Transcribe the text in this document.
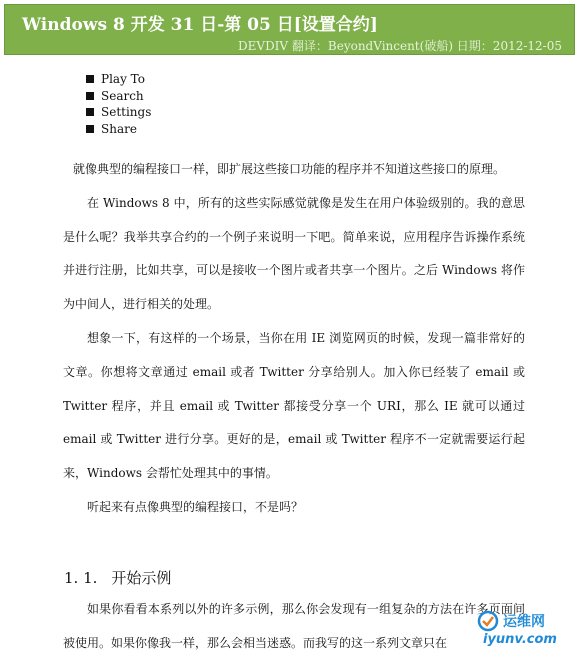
Windows 8 开发 31 日-第 05 日[设置合约]
DEVDIV 翻译：BeyondVincent(破船) 日期：2012-12-05
Play To
Search
Settings
Share

就像典型的编程接口一样，即扩展这些接口功能的程序并不知道这些接口的原理。

在 Windows 8 中，所有的这些实际感觉就像是发生在用户体验级别的。我的意思是什么呢？我举共享合约的一个例子来说明一下吧。简单来说，应用程序告诉操作系统并进行注册，比如共享，可以是接收一个图片或者共享一个图片。之后 Windows 将作为中间人，进行相关的处理。

想象一下，有这样的一个场景，当你在用 IE 浏览网页的时候，发现一篇非常好的文章。你想将文章通过 email 或者 Twitter 分享给别人。加入你已经装了 email 或 Twitter 程序，并且 email 或 Twitter 都接受分享一个 URI，那么 IE 就可以通过 email 或 Twitter 进行分享。更好的是，email 或 Twitter 程序不一定就需要运行起来，Windows 会帮忙处理其中的事情。

听起来有点像典型的编程接口，不是吗？

1. 1. 开始示例

如果你看看本系列以外的许多示例，那么你会发现有一组复杂的方法在许多页面间被使用。如果你像我一样，那么会相当迷惑。而我写的这一系列文章只在

运维网
iyunv.com
